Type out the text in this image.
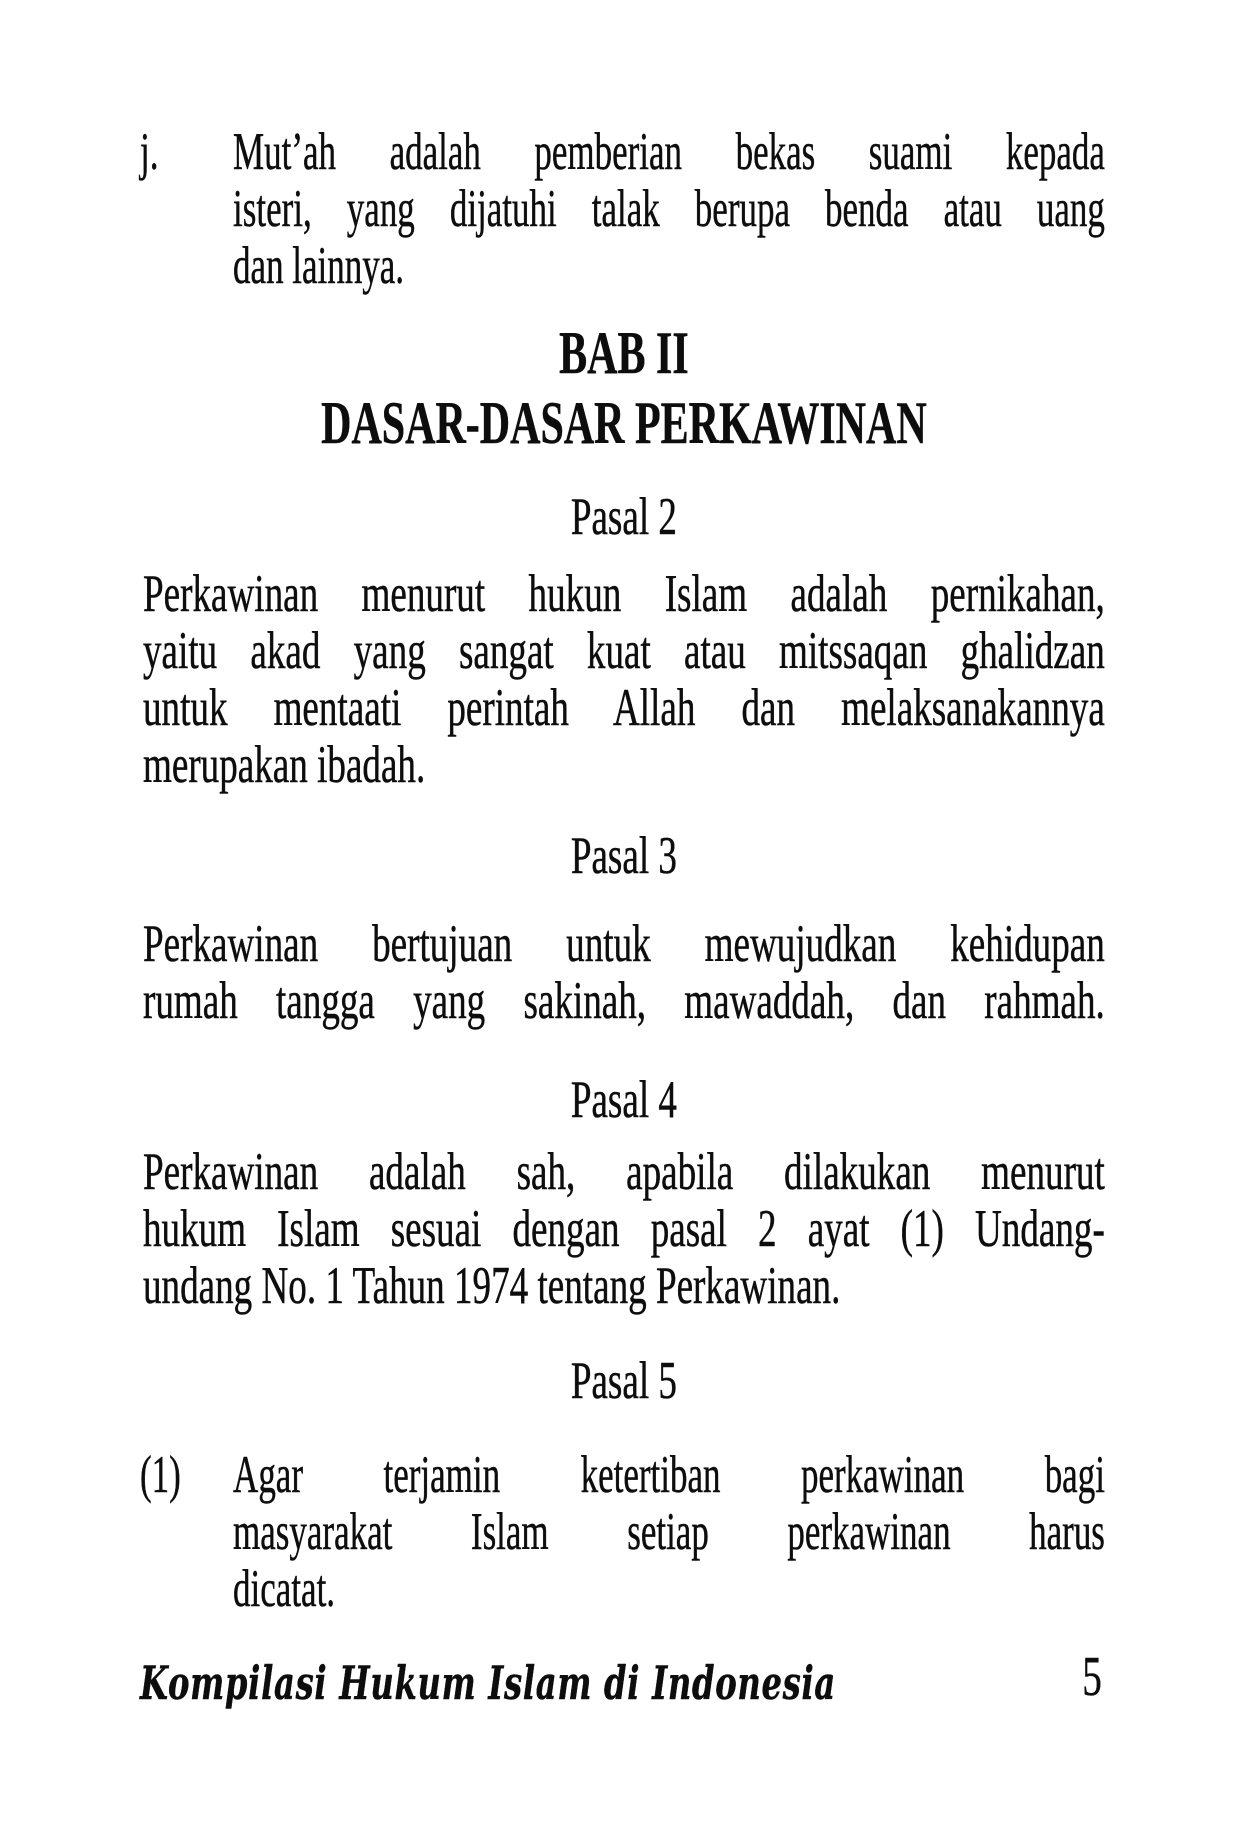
j. Mut’ah adalah pemberian bekas suami kepada
isteri, yang dijatuhi talak berupa benda atau uang
dan lainnya.
BAB II
DASAR-DASAR PERKAWINAN
Pasal 2
Perkawinan menurut hukun Islam adalah pernikahan,
yaitu akad yang sangat kuat atau mitssaqan ghalidzan
untuk mentaati perintah Allah dan melaksanakannya
merupakan ibadah.
Pasal 3
Perkawinan bertujuan untuk mewujudkan kehidupan
rumah tangga yang sakinah, mawaddah, dan rahmah.
Pasal 4
Perkawinan adalah sah, apabila dilakukan menurut
hukum Islam sesuai dengan pasal 2 ayat (1) Undang-
undang No. 1 Tahun 1974 tentang Perkawinan.
Pasal 5
(1) Agar terjamin ketertiban perkawinan bagi
masyarakat Islam setiap perkawinan harus
dicatat.
Kompilasi Hukum Islam di Indonesia	5
